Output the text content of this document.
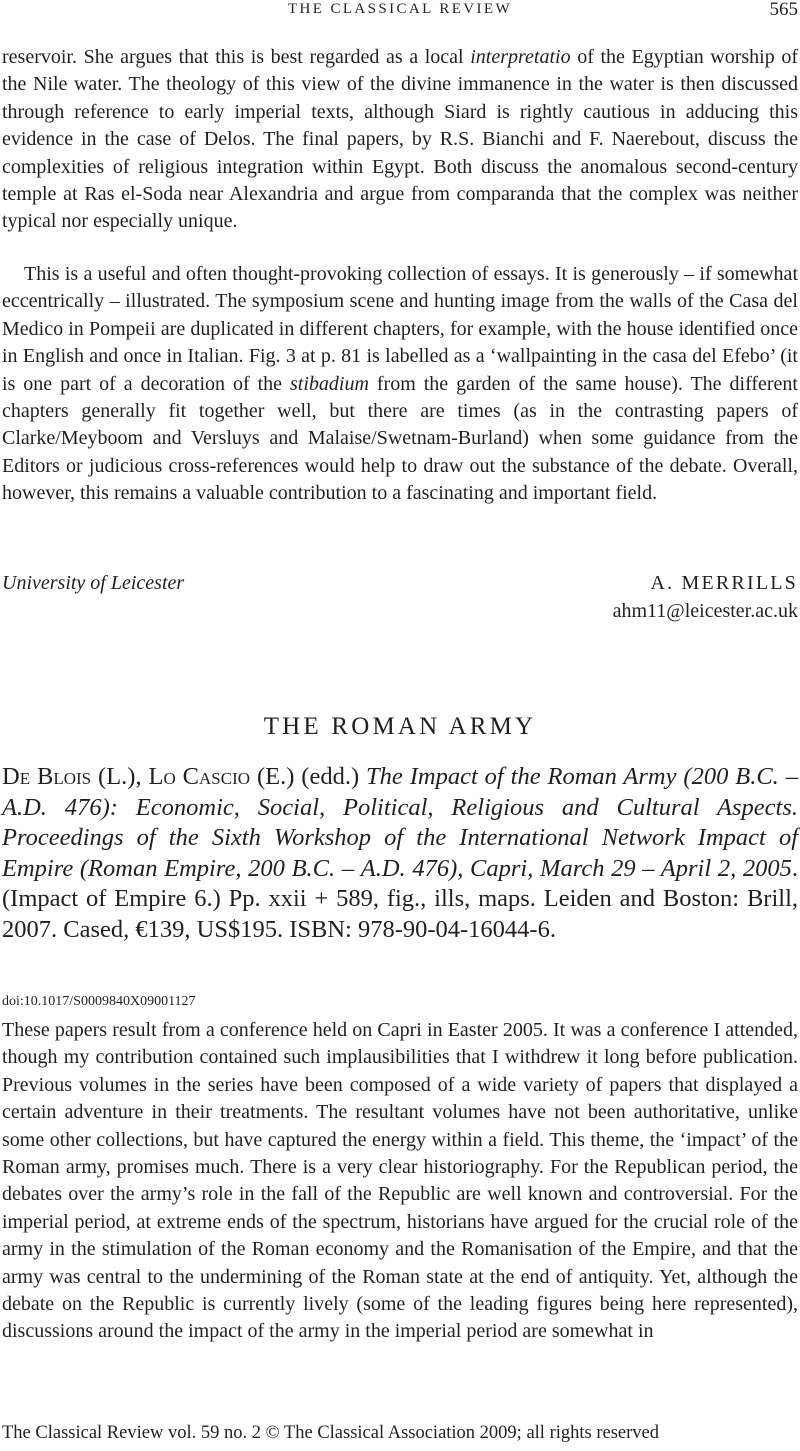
THE CLASSICAL REVIEW	565

reservoir. She argues that this is best regarded as a local interpretatio of the Egyptian worship of the Nile water. The theology of this view of the divine immanence in the water is then discussed through reference to early imperial texts, although Siard is rightly cautious in adducing this evidence in the case of Delos. The final papers, by R.S. Bianchi and F. Naerebout, discuss the complexities of religious integration within Egypt. Both discuss the anomalous second-century temple at Ras el-Soda near Alexandria and argue from comparanda that the complex was neither typical nor especially unique.

This is a useful and often thought-provoking collection of essays. It is generously – if somewhat eccentrically – illustrated. The symposium scene and hunting image from the walls of the Casa del Medico in Pompeii are duplicated in different chapters, for example, with the house identified once in English and once in Italian. Fig. 3 at p. 81 is labelled as a ‘wallpainting in the casa del Efebo’ (it is one part of a decoration of the stibadium from the garden of the same house). The different chapters generally fit together well, but there are times (as in the contrasting papers of Clarke/Meyboom and Versluys and Malaise/Swetnam-Burland) when some guidance from the Editors or judicious cross-references would help to draw out the substance of the debate. Overall, however, this remains a valuable contribution to a fascinating and important field.

University of Leicester	A. MERRILLS
ahm11@leicester.ac.uk
THE ROMAN ARMY

De Blois (L.), Lo Cascio (E.) (edd.) The Impact of the Roman Army (200 B.C. – A.D. 476): Economic, Social, Political, Religious and Cultural Aspects. Proceedings of the Sixth Workshop of the International Network Impact of Empire (Roman Empire, 200 B.C. – A.D. 476), Capri, March 29 – April 2, 2005. (Impact of Empire 6.) Pp. xxii + 589, fig., ills, maps. Leiden and Boston: Brill, 2007. Cased, €139, US$195. ISBN: 978-90-04-16044-6.

doi:10.1017/S0009840X09001127

These papers result from a conference held on Capri in Easter 2005. It was a conference I attended, though my contribution contained such implausibilities that I withdrew it long before publication. Previous volumes in the series have been composed of a wide variety of papers that displayed a certain adventure in their treatments. The resultant volumes have not been authoritative, unlike some other collections, but have captured the energy within a field. This theme, the ‘impact’ of the Roman army, promises much. There is a very clear historiography. For the Republican period, the debates over the army’s role in the fall of the Republic are well known and controversial. For the imperial period, at extreme ends of the spectrum, historians have argued for the crucial role of the army in the stimulation of the Roman economy and the Romanisation of the Empire, and that the army was central to the undermining of the Roman state at the end of antiquity. Yet, although the debate on the Republic is currently lively (some of the leading figures being here represented), discussions around the impact of the army in the imperial period are somewhat in

The Classical Review vol. 59 no. 2 © The Classical Association 2009; all rights reserved
